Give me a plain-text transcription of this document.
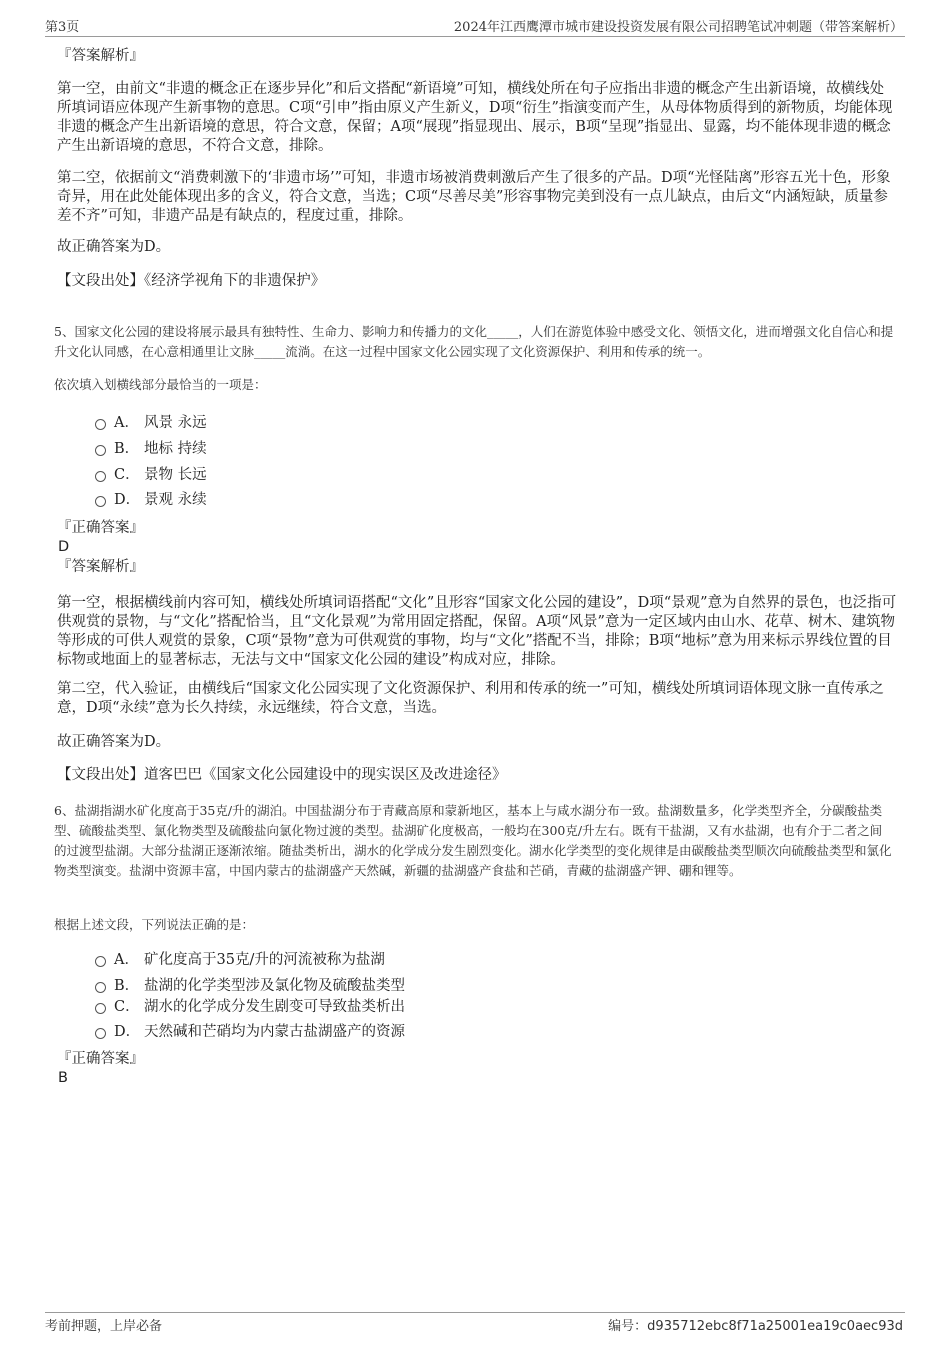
第3页	2024年江西鹰潭市城市建设投资发展有限公司招聘笔试冲刺题（带答案解析）

『答案解析』

第一空，由前文“非遗的概念正在逐步异化”和后文搭配“新语境”可知，横线处所在句子应指出非遗的概念产生出新语境，故横线处所填词语应体现产生新事物的意思。C项“引申”指由原义产生新义，D项“衍生”指演变而产生，从母体物质得到的新物质，均能体现非遗的概念产生出新语境的意思，符合文意，保留；A项“展现”指显现出、展示，B项“呈现”指显出、显露，均不能体现非遗的概念产生出新语境的意思，不符合文意，排除。

第二空，依据前文“消费刺激下的‘非遗市场’”可知，非遗市场被消费刺激后产生了很多的产品。D项“光怪陆离”形容五光十色，形象奇异，用在此处能体现出多的含义，符合文意，当选；C项“尽善尽美”形容事物完美到没有一点儿缺点，由后文“内涵短缺，质量参差不齐”可知，非遗产品是有缺点的，程度过重，排除。

故正确答案为D。

【文段出处】《经济学视角下的非遗保护》

5、国家文化公园的建设将展示最具有独特性、生命力、影响力和传播力的文化_____，人们在游览体验中感受文化、领悟文化，进而增强文化自信心和提升文化认同感，在心意相通里让文脉_____流淌。在这一过程中国家文化公园实现了文化资源保护、利用和传承的统一。

依次填入划横线部分最恰当的一项是：

A． 风景 永远
B． 地标 持续
C． 景物 长远
D． 景观 永续

『正确答案』

D

『答案解析』

第一空，根据横线前内容可知，横线处所填词语搭配“文化”且形容“国家文化公园的建设”，D项“景观”意为自然界的景色，也泛指可供观赏的景物，与“文化”搭配恰当，且“文化景观”为常用固定搭配，保留。A项“风景”意为一定区域内由山水、花草、树木、建筑物等形成的可供人观赏的景象，C项“景物”意为可供观赏的事物，均与“文化”搭配不当，排除；B项“地标”意为用来标示界线位置的目标物或地面上的显著标志，无法与文中“国家文化公园的建设”构成对应，排除。

第二空，代入验证，由横线后“国家文化公园实现了文化资源保护、利用和传承的统一”可知，横线处所填词语体现文脉一直传承之意，D项“永续”意为长久持续，永远继续，符合文意，当选。

故正确答案为D。

【文段出处】道客巴巴《国家文化公园建设中的现实误区及改进途径》

6、盐湖指湖水矿化度高于35克/升的湖泊。中国盐湖分布于青藏高原和蒙新地区，基本上与咸水湖分布一致。盐湖数量多，化学类型齐全，分碳酸盐类型、硫酸盐类型、氯化物类型及硫酸盐向氯化物过渡的类型。盐湖矿化度极高，一般均在300克/升左右。既有干盐湖，又有水盐湖，也有介于二者之间的过渡型盐湖。大部分盐湖正逐渐浓缩。随盐类析出，湖水的化学成分发生剧烈变化。湖水化学类型的变化规律是由碳酸盐类型顺次向硫酸盐类型和氯化物类型演变。盐湖中资源丰富，中国内蒙古的盐湖盛产天然碱，新疆的盐湖盛产食盐和芒硝，青藏的盐湖盛产钾、硼和锂等。

根据上述文段，下列说法正确的是：

A． 矿化度高于35克/升的河流被称为盐湖
B． 盐湖的化学类型涉及氯化物及硫酸盐类型
C． 湖水的化学成分发生剧变可导致盐类析出
D． 天然碱和芒硝均为内蒙古盐湖盛产的资源

『正确答案』

B

考前押题，上岸必备	编号：d935712ebc8f71a25001ea19c0aec93d
